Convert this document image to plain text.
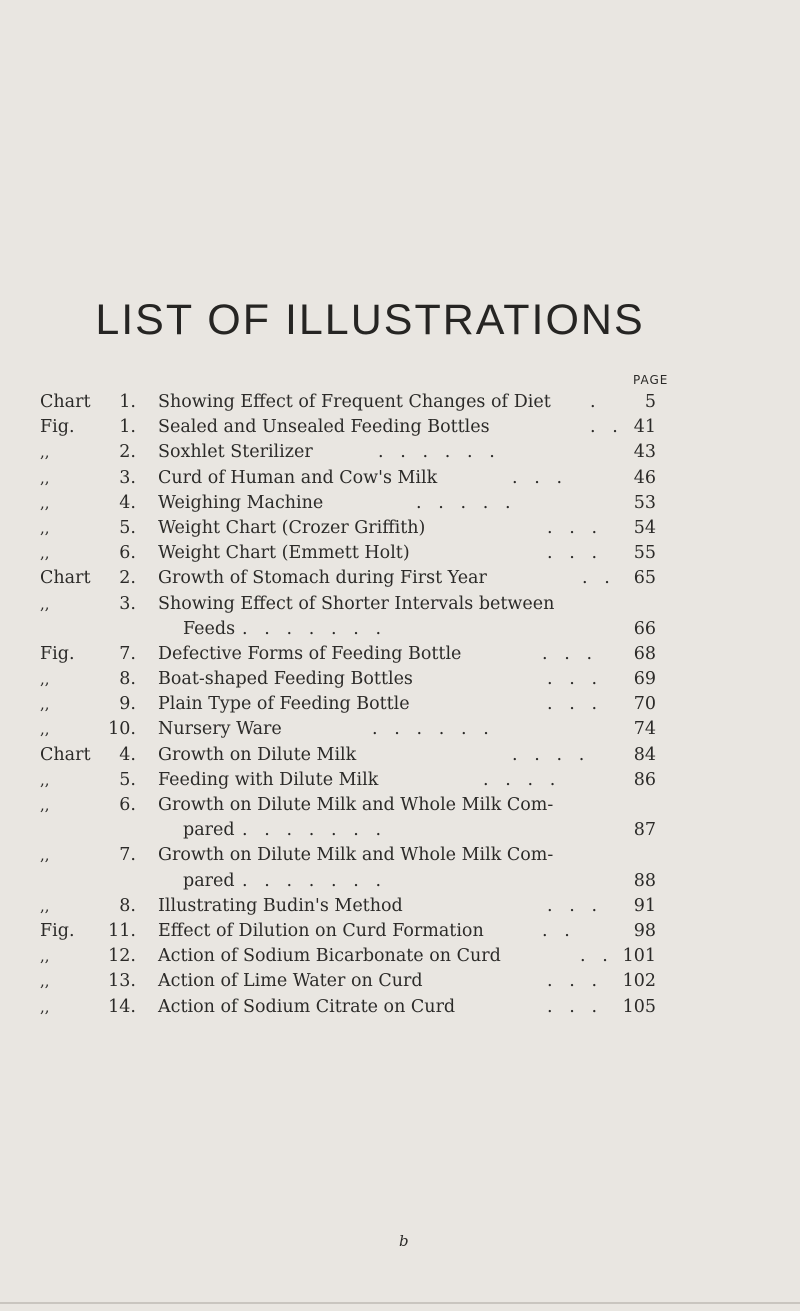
LIST OF ILLUSTRATIONS
PAGE
Chart 1. Showing Effect of Frequent Changes of Diet .	5
Fig.	1. Sealed and Unsealed Feeding Bottles	.   . 41
,,	2. Soxhlet Sterilizer	.   .   .   .   .   .	43
,,	3. Curd of Human and Cow's Milk	.   .   .	46
,,	4. Weighing Machine	.   .   .   .   .	53
,,	5. Weight Chart (Crozer Griffith)	.   .   . 54
,,	6. Weight Chart (Emmett Holt)	.   .   . 55
Chart 2. Growth of Stomach during First Year	.   . 65
,,	3. Showing Effect of Shorter Intervals between
Feeds .   .   .   .   .   .   .	66
Fig.	7. Defective Forms of Feeding Bottle	.   .   . 68
,,	8. Boat-shaped Feeding Bottles	.   .   . 69
,,	9. Plain Type of Feeding Bottle	.   .   . 70
,,	10. Nursery Ware	.   .   .   .   .   .	74
Chart 4. Growth on Dilute Milk	.   .   .   .	84
,,	5. Feeding with Dilute Milk	.   .   .   .	86
,,	6. Growth on Dilute Milk and Whole Milk Com-
pared .   .   .   .   .   .   .	87
,,	7. Growth on Dilute Milk and Whole Milk Com-
pared .   .   .   .   .   .   .	88
,,	8. Illustrating Budin's Method	.   .   . 91
Fig. 11. Effect of Dilution on Curd Formation	.   .	98
,,	12. Action of Sodium Bicarbonate on Curd	.   . 101
,,	13. Action of Lime Water on Curd	.   .   . 102
,,	14. Action of Sodium Citrate on Curd	.   .   . 105
b
